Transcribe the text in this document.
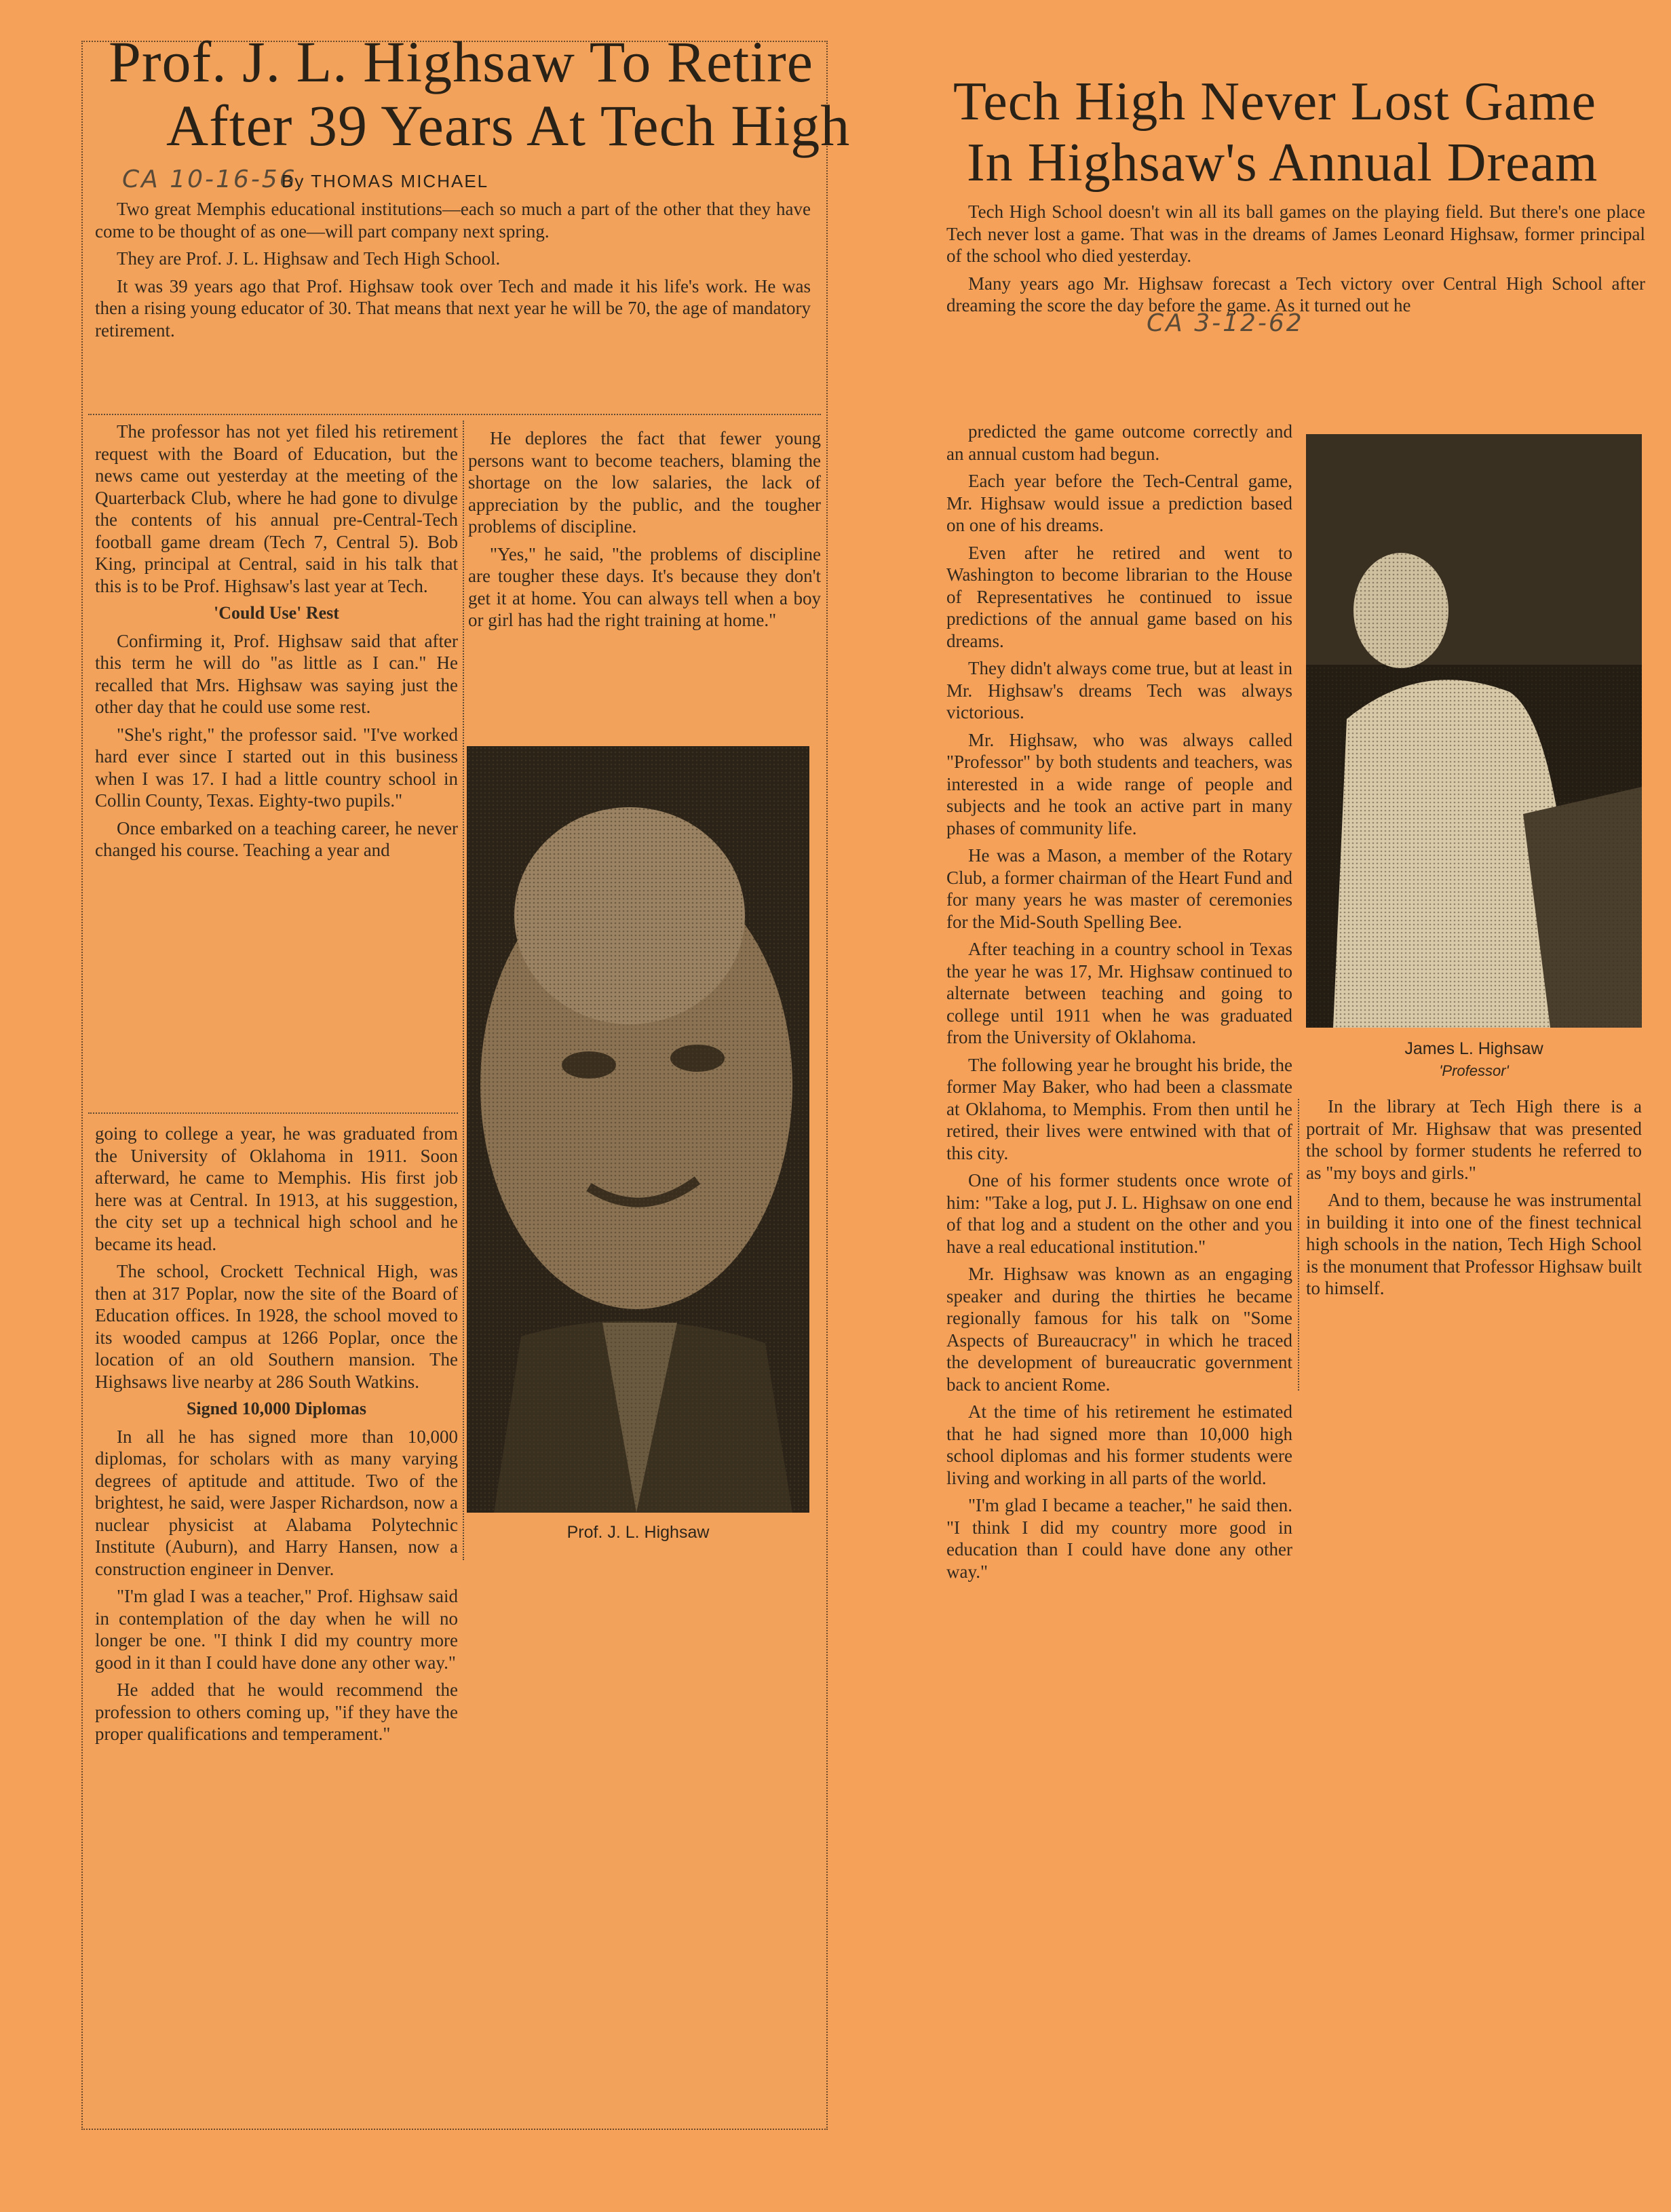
Prof. J. L. Highsaw To Retire
After 39 Years At Tech High
CA 10-16-56
By THOMAS MICHAEL

Two great Memphis educational institutions—each so much a part of the other that they have come to be thought of as one—will part company next spring.

They are Prof. J. L. Highsaw and Tech High School.

It was 39 years ago that Prof. Highsaw took over Tech and made it his life's work. He was then a rising young educator of 30. That means that next year he will be 70, the age of mandatory retirement.

The professor has not yet filed his retirement request with the Board of Education, but the news came out yesterday at the meeting of the Quarterback Club, where he had gone to divulge the contents of his annual pre-Central-Tech football game dream (Tech 7, Central 5). Bob King, principal at Central, said in his talk that this is to be Prof. Highsaw's last year at Tech.

'Could Use' Rest

Confirming it, Prof. Highsaw said that after this term he will do "as little as I can." He recalled that Mrs. Highsaw was saying just the other day that he could use some rest.

"She's right," the professor said. "I've worked hard ever since I started out in this business when I was 17. I had a little country school in Collin County, Texas. Eighty-two pupils."

Once embarked on a teaching career, he never changed his course. Teaching a year and

going to college a year, he was graduated from the University of Oklahoma in 1911. Soon afterward, he came to Memphis. His first job here was at Central. In 1913, at his suggestion, the city set up a technical high school and he became its head.

The school, Crockett Technical High, was then at 317 Poplar, now the site of the Board of Education offices. In 1928, the school moved to its wooded campus at 1266 Poplar, once the location of an old Southern mansion. The Highsaws live nearby at 286 South Watkins.

Signed 10,000 Diplomas

In all he has signed more than 10,000 diplomas, for scholars with as many varying degrees of aptitude and attitude. Two of the brightest, he said, were Jasper Richardson, now a nuclear physicist at Alabama Polytechnic Institute (Auburn), and Harry Hansen, now a construction engineer in Denver.

"I'm glad I was a teacher," Prof. Highsaw said in contemplation of the day when he will no longer be one. "I think I did my country more good in it than I could have done any other way."

He added that he would recommend the profession to others coming up, "if they have the proper qualifications and temperament."

He deplores the fact that fewer young persons want to become teachers, blaming the shortage on the low salaries, the lack of appreciation by the public, and the tougher problems of discipline.

"Yes," he said, "the problems of discipline are tougher these days. It's because they don't get it at home. You can always tell when a boy or girl has had the right training at home."

Prof. J. L. Highsaw
Tech High Never Lost Game
In Highsaw's Annual Dream

Tech High School doesn't win all its ball games on the playing field. But there's one place Tech never lost a game. That was in the dreams of James Leonard Highsaw, former principal of the school who died yesterday.

Many years ago Mr. Highsaw forecast a Tech victory over Central High School after dreaming the score the day before the game. As it turned out he

CA 3-12-62

predicted the game outcome correctly and an annual custom had begun.

Each year before the Tech-Central game, Mr. Highsaw would issue a prediction based on one of his dreams.

Even after he retired and went to Washington to become librarian to the House of Representatives he continued to issue predictions of the annual game based on his dreams.

They didn't always come true, but at least in Mr. Highsaw's dreams Tech was always victorious.

Mr. Highsaw, who was always called "Professor" by both students and teachers, was interested in a wide range of people and subjects and he took an active part in many phases of community life.

He was a Mason, a member of the Rotary Club, a former chairman of the Heart Fund and for many years he was master of ceremonies for the Mid-South Spelling Bee.

After teaching in a country school in Texas the year he was 17, Mr. Highsaw continued to alternate between teaching and going to college until 1911 when he was graduated from the University of Oklahoma.

The following year he brought his bride, the former May Baker, who had been a classmate at Oklahoma, to Memphis. From then until he retired, their lives were entwined with that of this city.

One of his former students once wrote of him: "Take a log, put J. L. Highsaw on one end of that log and a student on the other and you have a real educational institution."

Mr. Highsaw was known as an engaging speaker and during the thirties he became regionally famous for his talk on "Some Aspects of Bureaucracy" in which he traced the development of bureaucratic government back to ancient Rome.

At the time of his retirement he estimated that he had signed more than 10,000 high school diplomas and his former students were living and working in all parts of the world.

"I'm glad I became a teacher," he said then. "I think I did my country more good in education than I could have done any other way."

James L. Highsaw
'Professor'

In the library at Tech High there is a portrait of Mr. Highsaw that was presented the school by former students he referred to as "my boys and girls."

And to them, because he was instrumental in building it into one of the finest technical high schools in the nation, Tech High School is the monument that Professor Highsaw built to himself.
